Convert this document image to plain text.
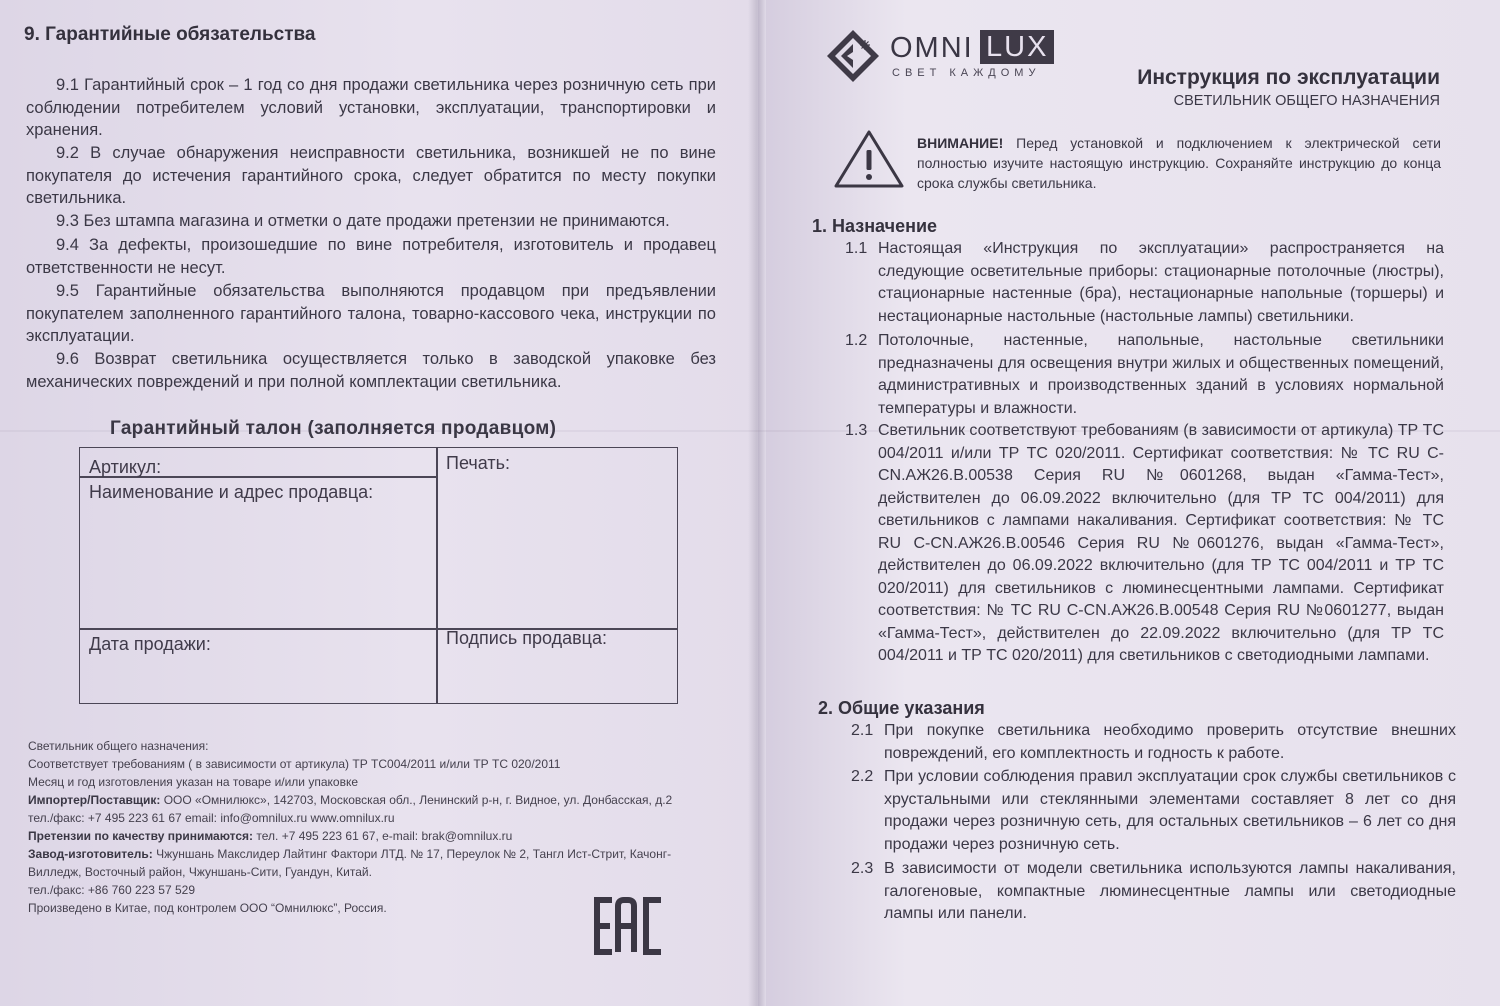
9. Гарантийные обязательства
9.1 Гарантийный срок – 1 год со дня продажи светильника через розничную сеть при соблюдении потребителем условий установки, эксплуатации, транспортировки и хранения.
9.2 В случае обнаружения неисправности светильника, возникшей не по вине покупателя до истечения гарантийного срока, следует обратится по месту покупки светильника.
9.3 Без штампа магазина и отметки о дате продажи претензии не принимаются.
9.4 За дефекты, произошедшие по вине потребителя, изготовитель и продавец ответственности не несут.
9.5 Гарантийные обязательства выполняются продавцом при предъявлении покупателем заполненного гарантийного талона, товарно-кассового чека, инструкции по эксплуатации.
9.6 Возврат светильника осуществляется только в заводской упаковке без механических повреждений и при полной комплектации светильника.
Гарантийный талон (заполняется продавцом)
Артикул:
Наименование и адрес продавца:
Печать:
Дата продажи:	Подпись продавца:
Светильник общего назначения:
Соответствует требованиям ( в зависимости от артикула) ТР ТС004/2011 и/или ТР ТС 020/2011
Месяц и год изготовления указан на товаре и/или упаковке
Импортер/Поставщик: ООО «Омнилюкс», 142703, Московская обл., Ленинский р-н, г. Видное, ул. Донбасская, д.2
тел./факс: +7 495 223 61 67 email: info@omnilux.ru www.omnilux.ru
Претензии по качеству принимаются: тел. +7 495 223 61 67, e-mail: brak@omnilux.ru
Завод-изготовитель: Чжуншань Макслидер Лайтинг Фактори ЛТД. № 17, Переулок № 2, Тангл Ист-Стрит, Качонг-Вилледж, Восточный район, Чжуншань-Сити, Гуандун, Китай.
тел./факс: +86 760 223 57 529
Произведено в Китае, под контролем ООО “Омнилюкс”, Россия.
OMNI LUX
СВЕТ КАЖДОМУ	Инструкция по эксплуатации
СВЕТИЛЬНИК ОБЩЕГО НАЗНАЧЕНИЯ
ВНИМАНИЕ! Перед установкой и подключением к электрической сети полностью изучите настоящую инструкцию. Сохраняйте инструкцию до конца срока службы светильника.
1. Назначение
1.1 Настоящая «Инструкция по эксплуатации» распространяется на следующие осветительные приборы: стационарные потолочные (люстры), стационарные настенные (бра), нестационарные напольные (торшеры) и нестационарные настольные (настольные лампы) светильники.
1.2 Потолочные, настенные, напольные, настольные светильники предназначены для освещения внутри жилых и общественных помещений, административных и производственных зданий в условиях нормальной температуры и влажности.
1.3 Светильник соответствуют требованиям (в зависимости от артикула) ТР ТС 004/2011 и/или ТР ТС 020/2011. Сертификат соответствия: № ТС RU C-CN.АЖ26.В.00538 Серия RU №0601268, выдан «Гамма-Тест», действителен до 06.09.2022 включительно (для ТР ТС 004/2011) для светильников с лампами накаливания. Сертификат соответствия: № ТС RU C-CN.АЖ26.В.00546 Серия RU №0601276, выдан «Гамма-Тест», действителен до 06.09.2022 включительно (для ТР ТС 004/2011 и ТР ТС 020/2011) для светильников с люминесцентными лампами. Сертификат соответствия: № ТС RU C-CN.АЖ26.В.00548 Серия RU №0601277, выдан «Гамма-Тест», действителен до 22.09.2022 включительно (для ТР ТС 004/2011 и ТР ТС 020/2011) для светильников с светодиодными лампами.
2. Общие указания
2.1 При покупке светильника необходимо проверить отсутствие внешних повреждений, его комплектность и годность к работе.
2.2 При условии соблюдения правил эксплуатации срок службы светильников с хрустальными или стеклянными элементами составляет 8 лет со дня продажи через розничную сеть, для остальных светильников – 6 лет со дня продажи через розничную сеть.
2.3 В зависимости от модели светильника используются лампы накаливания, галогеновые, компактные люминесцентные лампы или светодиодные лампы или панели.
